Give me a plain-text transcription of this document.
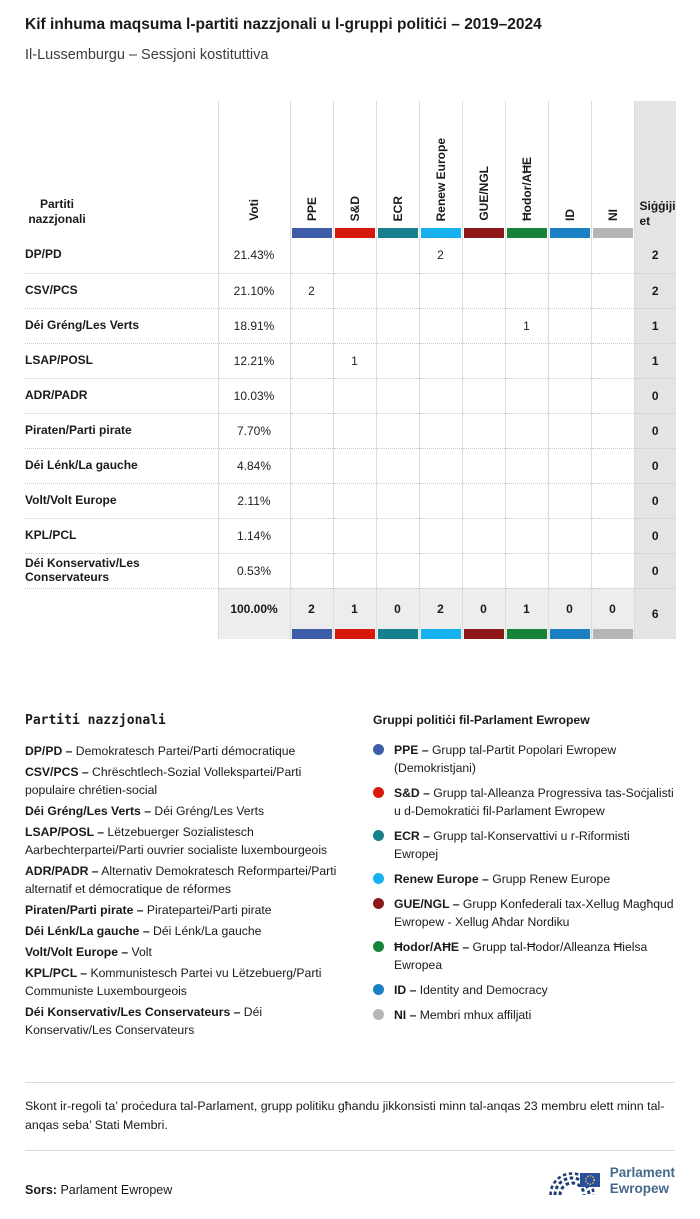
Kif inhuma maqsuma l-partiti nazzjonali u l-gruppi politiċi – 2019–2024
Il-Lussemburgu – Sessjoni kostituttiva
Partiti nazzjonali	Voti	PPE	S&D	ECR	Renew Europe	GUE/NGL	Ħodor/AĦE	ID	NI	Siġġijiet

DP/PD	21.43%				2					2
CSV/PCS	21.10%	2								2
Déi Gréng/Les Verts	18.91%						1			1
LSAP/POSL	12.21%		1							1
ADR/PADR	10.03%									0
Piraten/Parti pirate	7.70%									0
Déi Lénk/La gauche	4.84%									0
Volt/Volt Europe	2.11%									0
KPL/PCL	1.14%									0
Déi Konservativ/Les Conservateurs	0.53%									0

100.00%	2	1	0	2	0	1	0	0	6
Partiti nazzjonali

DP/PD – Demokratesch Partei/Parti démocratique

CSV/PCS – Chrëschtlech-Sozial Vollekspartei/Parti populaire chrétien-social

Déi Gréng/Les Verts – Déi Gréng/Les Verts

LSAP/POSL – Lëtzebuerger Sozialistesch Aarbechterpartei/Parti ouvrier socialiste luxembourgeois

ADR/PADR – Alternativ Demokratesch Reformpartei/Parti alternatif et démocratique de réformes

Piraten/Parti pirate – Piratepartei/Parti pirate

Déi Lénk/La gauche – Déi Lénk/La gauche

Volt/Volt Europe – Volt

KPL/PCL – Kommunistesch Partei vu Lëtzebuerg/Parti Communiste Luxembourgeois

Déi Konservativ/Les Conservateurs – Déi Konservativ/Les Conservateurs

Gruppi politiċi fil-Parlament Ewropew
PPE – Grupp tal-Partit Popolari Ewropew (Demokristjani)
S&D – Grupp tal-Alleanza Progressiva tas-Soċjalisti u d-Demokratiċi fil-Parlament Ewropew
ECR – Grupp tal-Konservattivi u r-Riformisti Ewropej
Renew Europe – Grupp Renew Europe
GUE/NGL – Grupp Konfederali tax-Xellug Magħqud Ewropew - Xellug Aħdar Nordiku
Ħodor/AĦE – Grupp tal-Ħodor/Alleanza Ħielsa Ewropea
ID – Identity and Democracy
NI – Membri mhux affiljati

Skont ir-regoli ta’ proċedura tal-Parlament, grupp politiku għandu jikkonsisti minn tal-anqas 23 membru elett minn tal-anqas seba’ Stati Membri.

Sors: Parlament Ewropew

Parlament
Ewropew
